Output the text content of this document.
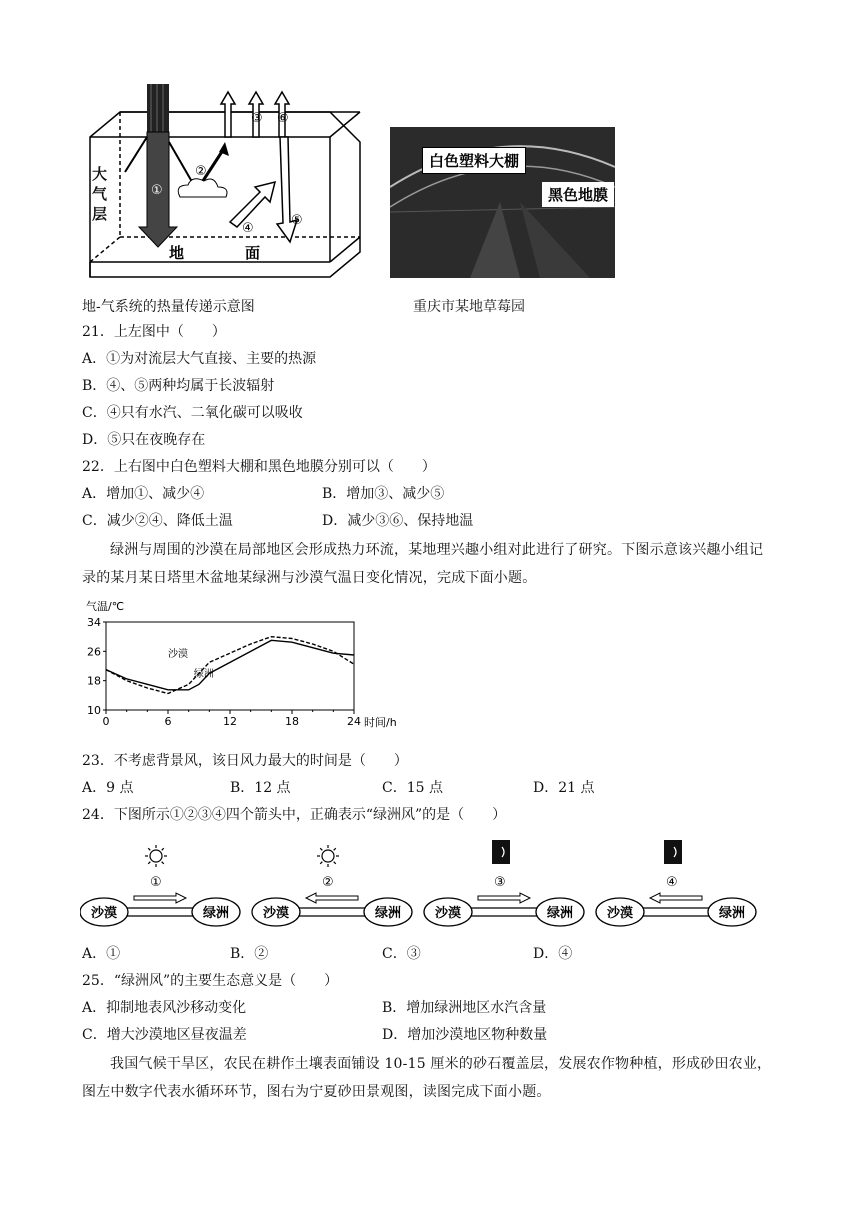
①
②
③
④
⑤
⑥
地	面
大气层
地-气系统的热量传递示意图
白色塑料大棚
黑色地膜
重庆市某地草莓园
21．上左图中（　　）
A．①为对流层大气直接、主要的热源
B．④、⑤两种均属于长波辐射
C．④只有水汽、二氧化碳可以吸收
D．⑤只在夜晚存在
22．上右图中白色塑料大棚和黑色地膜分别可以（　　）
A．增加①、减少④	B．增加③、减少⑤
C．减少②④、降低土温	D．减少③⑥、保持地温
绿洲与周围的沙漠在局部地区会形成热力环流，某地理兴趣小组对此进行了研究。下图示意该兴趣小组记录的某月某日塔里木盆地某绿洲与沙漠气温日变化情况，完成下面小题。
气温/℃
时间/h
0	6	12	18	24
10
18
26
34
沙漠
绿洲
23．不考虑背景风，该日风力最大的时间是（　　）
A．9 点	B．12 点	C．15 点	D．21 点
24．下图所示①②③④四个箭头中，正确表示“绿洲风”的是（　　）
①
沙漠	绿洲
②
沙漠	绿洲
③
沙漠	绿洲
④
沙漠	绿洲
A．①	B．②	C．③	D．④
25．“绿洲风”的主要生态意义是（　　）
A．抑制地表风沙移动变化	B．增加绿洲地区水汽含量
C．增大沙漠地区昼夜温差	D．增加沙漠地区物种数量
我国气候干旱区，农民在耕作土壤表面铺设 10-15 厘米的砂石覆盖层，发展农作物种植，形成砂田农业，图左中数字代表水循环环节，图右为宁夏砂田景观图，读图完成下面小题。
